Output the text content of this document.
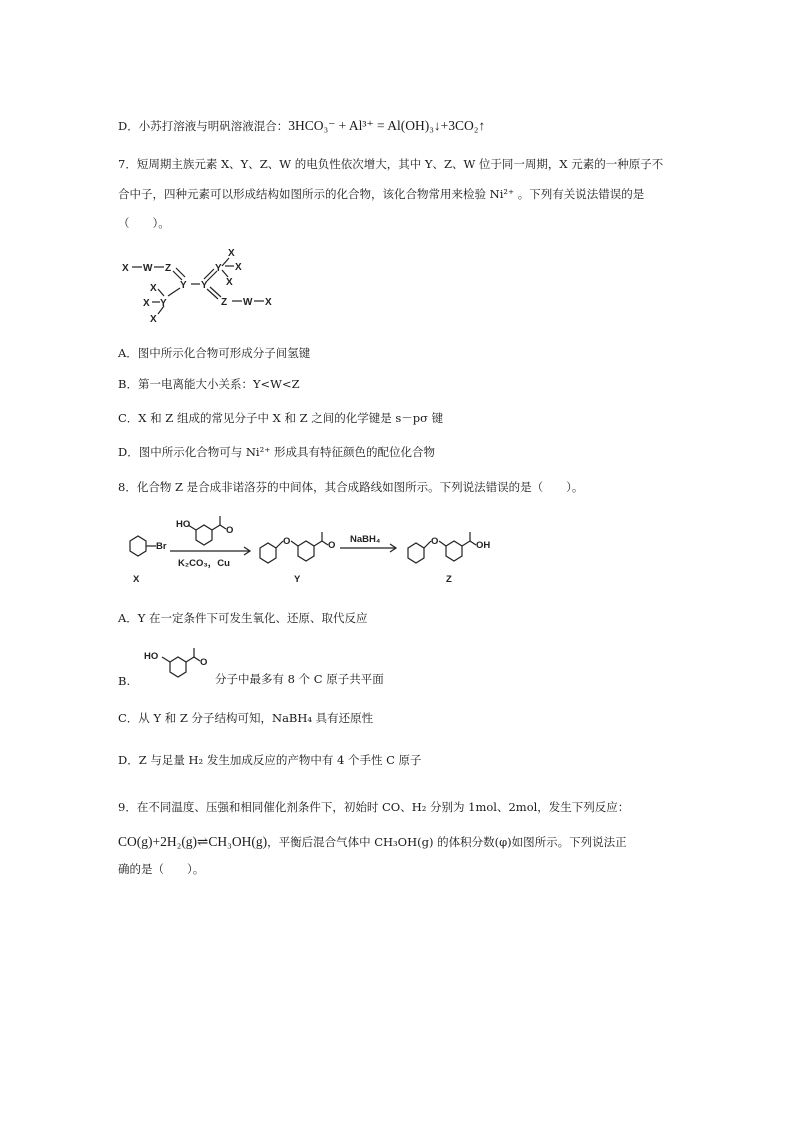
D．小苏打溶液与明矾溶液混合：3HCO₃⁻ + Al³⁺ = Al(OH)₃↓+3CO₂↑
7．短周期主族元素 X、Y、Z、W 的电负性依次增大，其中 Y、Z、W 位于同一周期，X 元素的一种原子不
合中子，四种元素可以形成结构如图所示的化合物，该化合物常用来检验 Ni²⁺ 。下列有关说法错误的是
（　　）。
X W Z
Y Y
Y
X
X
X
Z W X
X
Y
X
X
A．图中所示化合物可形成分子间氢键
B．第一电离能大小关系：Y<W<Z
C．X 和 Z 组成的常见分子中 X 和 Z 之间的化学键是 s－pσ 键
D．图中所示化合物可与 Ni²⁺ 形成具有特征颜色的配位化合物
8．化合物 Z 是合成非诺洛芬的中间体，其合成路线如图所示。下列说法错误的是（　　）。
Br
HO
O
K₂CO₃，Cu
O	O
NaBH₄	O	OH
X	Y	Z
A．Y 在一定条件下可发生氧化、还原、取代反应
B.
HO
O
分子中最多有 8 个 C 原子共平面
C．从 Y 和 Z 分子结构可知，NaBH₄ 具有还原性
D．Z 与足量 H₂ 发生加成反应的产物中有 4 个手性 C 原子
9．在不同温度、压强和相同催化剂条件下，初始时 CO、H₂ 分别为 1mol、2mol，发生下列反应：
CO(g)+2H₂(g)⇌CH₃OH(g)，平衡后混合气体中 CH₃OH(g) 的体积分数(φ)如图所示。下列说法正
确的是（　　）。
